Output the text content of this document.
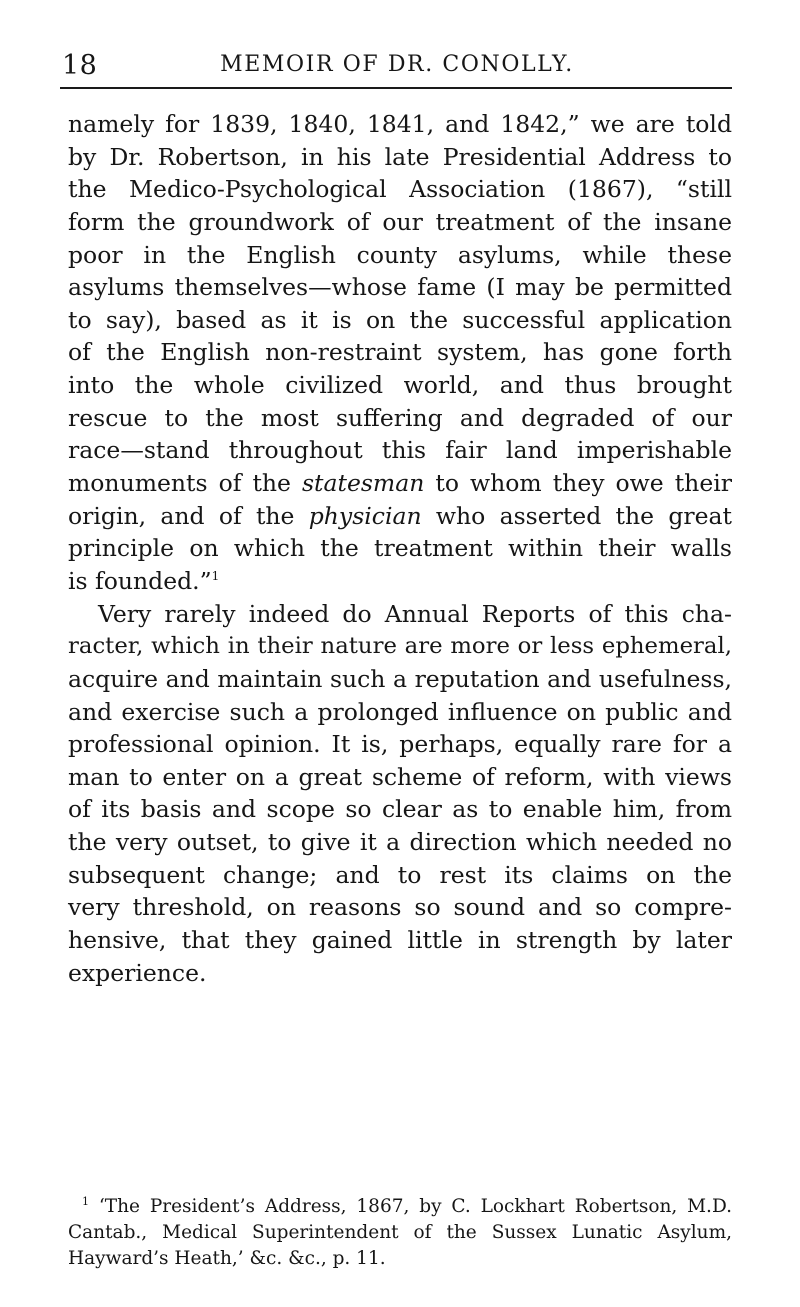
18	MEMOIR OF DR. CONOLLY.
namely for 1839, 1840, 1841, and 1842,” we are told
by Dr. Robertson, in his late Presidential Address to
the Medico-Psychological Association (1867), “still
form the groundwork of our treatment of the insane
poor in the English county asylums, while these
asylums themselves—whose fame (I may be permitted
to say), based as it is on the successful application
of the English non-restraint system, has gone forth
into the whole civilized world, and thus brought
rescue to the most suffering and degraded of our
race—stand throughout this fair land imperishable
monuments of the statesman to whom they owe their
origin, and of the physician who asserted the great
principle on which the treatment within their walls
is founded.”$^1$
Very rarely indeed do Annual Reports of this cha-
racter, which in their nature are more or less ephemeral,
acquire and maintain such a reputation and usefulness,
and exercise such a prolonged influence on public and
professional opinion. It is, perhaps, equally rare for a
man to enter on a great scheme of reform, with views
of its basis and scope so clear as to enable him, from
the very outset, to give it a direction which needed no
subsequent change; and to rest its claims on the
very threshold, on reasons so sound and so compre-
hensive, that they gained little in strength by later
experience.
$^1$ ‘The President’s Address, 1867, by C. Lockhart Robertson, M.D.
Cantab., Medical Superintendent of the Sussex Lunatic Asylum,
Hayward’s Heath,’ &c. &c., p. 11.
